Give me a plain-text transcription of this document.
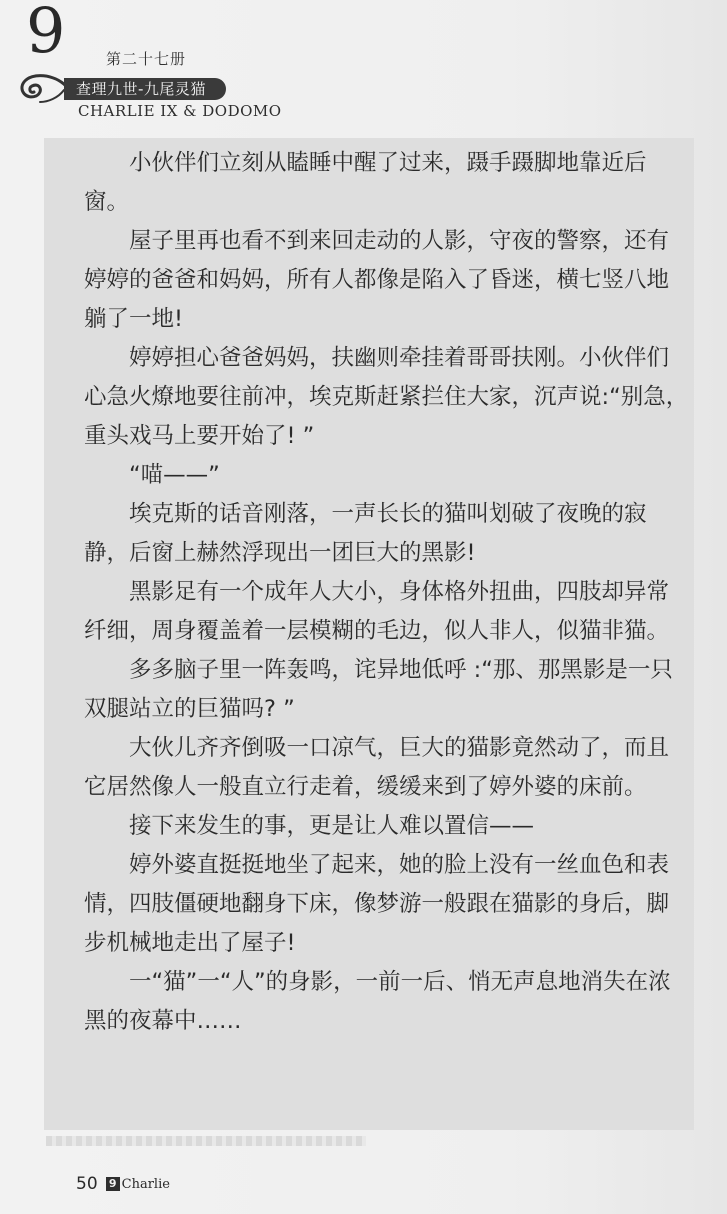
9	第二十七册
查理九世-九尾灵猫
CHARLIE IX & DODOMO

小伙伴们立刻从瞌睡中醒了过来，蹑手蹑脚地靠近后窗。

屋子里再也看不到来回走动的人影，守夜的警察，还有婷婷的爸爸和妈妈，所有人都像是陷入了昏迷，横七竖八地躺了一地!

婷婷担心爸爸妈妈，扶幽则牵挂着哥哥扶刚。小伙伴们心急火燎地要往前冲，埃克斯赶紧拦住大家，沉声说:“别急，重头戏马上要开始了! ”

“喵——”

埃克斯的话音刚落，一声长长的猫叫划破了夜晚的寂静，后窗上赫然浮现出一团巨大的黑影!

黑影足有一个成年人大小，身体格外扭曲，四肢却异常纤细，周身覆盖着一层模糊的毛边，似人非人，似猫非猫。

多多脑子里一阵轰鸣，诧异地低呼 :“那、那黑影是一只双腿站立的巨猫吗? ”

大伙儿齐齐倒吸一口凉气，巨大的猫影竟然动了，而且它居然像人一般直立行走着，缓缓来到了婷外婆的床前。

接下来发生的事，更是让人难以置信——

婷外婆直挺挺地坐了起来，她的脸上没有一丝血色和表情，四肢僵硬地翻身下床，像梦游一般跟在猫影的身后，脚步机械地走出了屋子!

一“猫”一“人”的身影，一前一后、悄无声息地消失在浓黑的夜幕中……

50 9 Charlie
